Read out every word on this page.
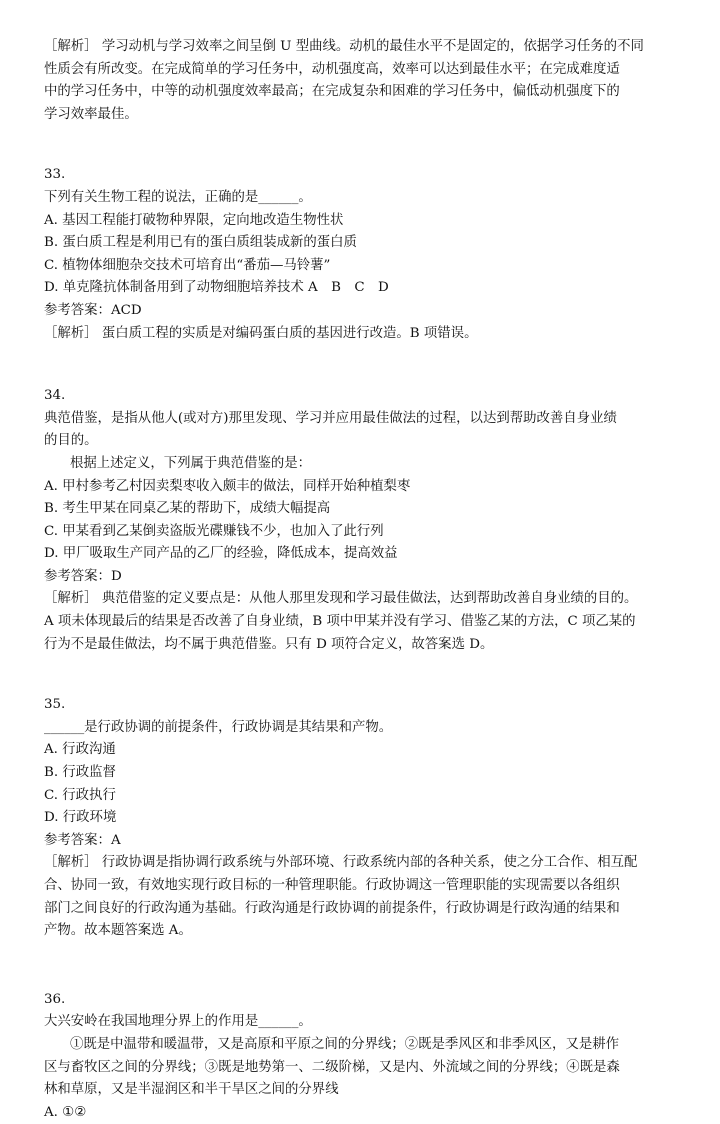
［解析］ 学习动机与学习效率之间呈倒 U 型曲线。动机的最佳水平不是固定的，依据学习任务的不同

性质会有所改变。在完成简单的学习任务中，动机强度高，效率可以达到最佳水平；在完成难度适

中的学习任务中，中等的动机强度效率最高；在完成复杂和困难的学习任务中，偏低动机强度下的

学习效率最佳。

33.

下列有关生物工程的说法，正确的是______。

A. 基因工程能打破物种界限，定向地改造生物性状

B. 蛋白质工程是利用已有的蛋白质组装成新的蛋白质

C. 植物体细胞杂交技术可培育出“番茄—马铃薯”

D. 单克隆抗体制备用到了动物细胞培养技术 A　B　C　D

参考答案：ACD

［解析］ 蛋白质工程的实质是对编码蛋白质的基因进行改造。B 项错误。

34.

典范借鉴，是指从他人(或对方)那里发现、学习并应用最佳做法的过程，以达到帮助改善自身业绩

的目的。

根据上述定义，下列属于典范借鉴的是：

A. 甲村参考乙村因卖梨枣收入颇丰的做法，同样开始种植梨枣

B. 考生甲某在同桌乙某的帮助下，成绩大幅提高

C. 甲某看到乙某倒卖盗版光碟赚钱不少，也加入了此行列

D. 甲厂吸取生产同产品的乙厂的经验，降低成本，提高效益

参考答案：D

［解析］ 典范借鉴的定义要点是：从他人那里发现和学习最佳做法，达到帮助改善自身业绩的目的。

A 项未体现最后的结果是否改善了自身业绩，B 项中甲某并没有学习、借鉴乙某的方法，C 项乙某的

行为不是最佳做法，均不属于典范借鉴。只有 D 项符合定义，故答案选 D。

35.

______是行政协调的前提条件，行政协调是其结果和产物。

A. 行政沟通

B. 行政监督

C. 行政执行

D. 行政环境

参考答案：A

［解析］ 行政协调是指协调行政系统与外部环境、行政系统内部的各种关系，使之分工合作、相互配

合、协同一致，有效地实现行政目标的一种管理职能。行政协调这一管理职能的实现需要以各组织

部门之间良好的行政沟通为基础。行政沟通是行政协调的前提条件，行政协调是行政沟通的结果和

产物。故本题答案选 A。

36.

大兴安岭在我国地理分界上的作用是______。

①既是中温带和暖温带，又是高原和平原之间的分界线；②既是季风区和非季风区，又是耕作

区与畜牧区之间的分界线；③既是地势第一、二级阶梯，又是内、外流域之间的分界线；④既是森

林和草原，又是半湿润区和半干旱区之间的分界线

A. ①②
